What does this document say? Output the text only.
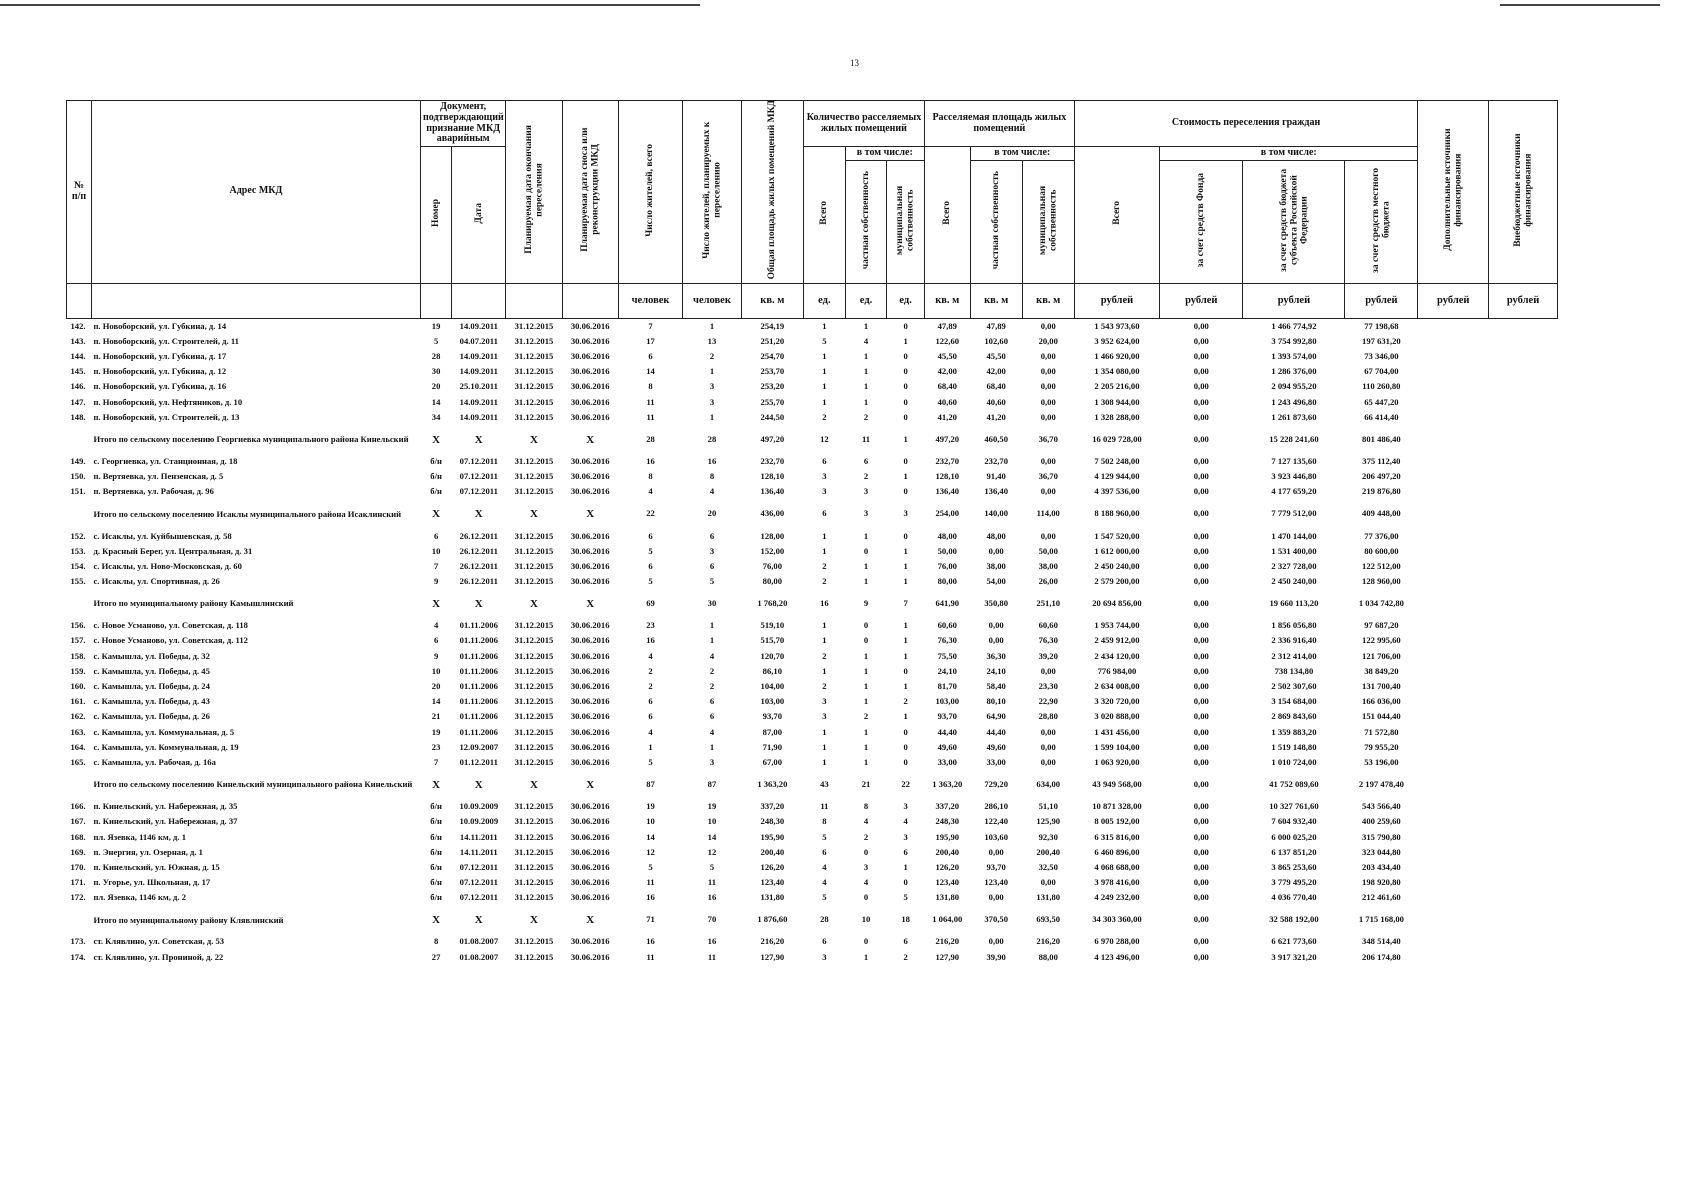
13
№ п/п	Адрес МКД	Документ, подтверждающий признание МКД аварийным		Планируемая дата окончания переселения	Планируемая дата сноса или реконструкции МКД	Число жителей, всего	Число жителей, планируемых к переселению	Общая площадь жилых помещений МКД	Количество расселяемых жилых помещений			Расселяемая площадь жилых помещений			Стоимость переселения граждан				Дополнительные источники финансирования	Внебюджетные источники финансирования
		Номер	Дата						Всего	в том числе:		Всего	в том числе:		Всего	в том числе:				
										частная собственность	муниципальная собственность		частная собственность	муниципальная собственность		за счет средств Фонда	за счет средств бюджета субъекта Российской Федерации	за счет средств местного бюджета		
						человек	человек	кв. м	ед.	ед.	ед.	кв. м	кв. м	кв. м	рублей	рублей	рублей	рублей	рублей	рублей
142.	п. Новоборский, ул. Губкина, д. 14	19	14.09.2011	31.12.2015	30.06.2016	7	1	254,19	1	1	0	47,89	47,89	0,00	1 543 973,60	0,00	1 466 774,92	77 198,68		
143.	п. Новоборский, ул. Строителей, д. 11	5	04.07.2011	31.12.2015	30.06.2016	17	13	251,20	5	4	1	122,60	102,60	20,00	3 952 624,00	0,00	3 754 992,80	197 631,20		
144.	п. Новоборский, ул. Губкина, д. 17	28	14.09.2011	31.12.2015	30.06.2016	6	2	254,70	1	1	0	45,50	45,50	0,00	1 466 920,00	0,00	1 393 574,00	73 346,00		
145.	п. Новоборский, ул. Губкина, д. 12	30	14.09.2011	31.12.2015	30.06.2016	14	1	253,70	1	1	0	42,00	42,00	0,00	1 354 080,00	0,00	1 286 376,00	67 704,00		
146.	п. Новоборский, ул. Губкина, д. 16	20	25.10.2011	31.12.2015	30.06.2016	8	3	253,20	1	1	0	68,40	68,40	0,00	2 205 216,00	0,00	2 094 955,20	110 260,80		
147.	п. Новоборский, ул. Нефтяников, д. 10	14	14.09.2011	31.12.2015	30.06.2016	11	3	255,70	1	1	0	40,60	40,60	0,00	1 308 944,00	0,00	1 243 496,80	65 447,20		
148.	п. Новоборский, ул. Строителей, д. 13	34	14.09.2011	31.12.2015	30.06.2016	11	1	244,50	2	2	0	41,20	41,20	0,00	1 328 288,00	0,00	1 261 873,60	66 414,40		
	Итого по сельскому поселению Георгиевка муниципального района Кинельский	X	X	X	X	28	28	497,20	12	11	1	497,20	460,50	36,70	16 029 728,00	0,00	15 228 241,60	801 486,40		
149.	с. Георгиевка, ул. Станционная, д. 18	б/н	07.12.2011	31.12.2015	30.06.2016	16	16	232,70	6	6	0	232,70	232,70	0,00	7 502 248,00	0,00	7 127 135,60	375 112,40		
150.	п. Вертяевка, ул. Пензенская, д. 5	б/н	07.12.2011	31.12.2015	30.06.2016	8	8	128,10	3	2	1	128,10	91,40	36,70	4 129 944,00	0,00	3 923 446,80	206 497,20		
151.	п. Вертяевка, ул. Рабочая, д. 96	б/н	07.12.2011	31.12.2015	30.06.2016	4	4	136,40	3	3	0	136,40	136,40	0,00	4 397 536,00	0,00	4 177 659,20	219 876,80		
	Итого по сельскому поселению Исаклы муниципального района Исаклинский	X	X	X	X	22	20	436,00	6	3	3	254,00	140,00	114,00	8 188 960,00	0,00	7 779 512,00	409 448,00		
152.	с. Исаклы, ул. Куйбышевская, д. 58	6	26.12.2011	31.12.2015	30.06.2016	6	6	128,00	1	1	0	48,00	48,00	0,00	1 547 520,00	0,00	1 470 144,00	77 376,00		
153.	д. Красный Берег, ул. Центральная, д. 31	10	26.12.2011	31.12.2015	30.06.2016	5	3	152,00	1	0	1	50,00	0,00	50,00	1 612 000,00	0,00	1 531 400,00	80 600,00		
154.	с. Исаклы, ул. Ново-Московская, д. 60	7	26.12.2011	31.12.2015	30.06.2016	6	6	76,00	2	1	1	76,00	38,00	38,00	2 450 240,00	0,00	2 327 728,00	122 512,00		
155.	с. Исаклы, ул. Спортивная, д. 26	9	26.12.2011	31.12.2015	30.06.2016	5	5	80,00	2	1	1	80,00	54,00	26,00	2 579 200,00	0,00	2 450 240,00	128 960,00		
	Итого по муниципальному району Камышлинский	X	X	X	X	69	30	1 768,20	16	9	7	641,90	350,80	251,10	20 694 856,00	0,00	19 660 113,20	1 034 742,80		
156.	с. Новое Усманово, ул. Советская, д. 118	4	01.11.2006	31.12.2015	30.06.2016	23	1	519,10	1	0	1	60,60	0,00	60,60	1 953 744,00	0,00	1 856 056,80	97 687,20		
157.	с. Новое Усманово, ул. Советская, д. 112	6	01.11.2006	31.12.2015	30.06.2016	16	1	515,70	1	0	1	76,30	0,00	76,30	2 459 912,00	0,00	2 336 916,40	122 995,60		
158.	с. Камышла, ул. Победы, д. 32	9	01.11.2006	31.12.2015	30.06.2016	4	4	120,70	2	1	1	75,50	36,30	39,20	2 434 120,00	0,00	2 312 414,00	121 706,00		
159.	с. Камышла, ул. Победы, д. 45	10	01.11.2006	31.12.2015	30.06.2016	2	2	86,10	1	1	0	24,10	24,10	0,00	776 984,00	0,00	738 134,80	38 849,20		
160.	с. Камышла, ул. Победы, д. 24	20	01.11.2006	31.12.2015	30.06.2016	2	2	104,00	2	1	1	81,70	58,40	23,30	2 634 008,00	0,00	2 502 307,60	131 700,40		
161.	с. Камышла, ул. Победы, д. 43	14	01.11.2006	31.12.2015	30.06.2016	6	6	103,00	3	1	2	103,00	80,10	22,90	3 320 720,00	0,00	3 154 684,00	166 036,00		
162.	с. Камышла, ул. Победы, д. 26	21	01.11.2006	31.12.2015	30.06.2016	6	6	93,70	3	2	1	93,70	64,90	28,80	3 020 888,00	0,00	2 869 843,60	151 044,40		
163.	с. Камышла, ул. Коммунальная, д. 5	19	01.11.2006	31.12.2015	30.06.2016	4	4	87,00	1	1	0	44,40	44,40	0,00	1 431 456,00	0,00	1 359 883,20	71 572,80		
164.	с. Камышла, ул. Коммунальная, д. 19	23	12.09.2007	31.12.2015	30.06.2016	1	1	71,90	1	1	0	49,60	49,60	0,00	1 599 104,00	0,00	1 519 148,80	79 955,20		
165.	с. Камышла, ул. Рабочая, д. 16а	7	01.12.2011	31.12.2015	30.06.2016	5	3	67,00	1	1	0	33,00	33,00	0,00	1 063 920,00	0,00	1 010 724,00	53 196,00		
	Итого по сельскому поселению Кинельский муниципального района Кинельский	X	X	X	X	87	87	1 363,20	43	21	22	1 363,20	729,20	634,00	43 949 568,00	0,00	41 752 089,60	2 197 478,40		
166.	п. Кинельский, ул. Набережная, д. 35	б/н	10.09.2009	31.12.2015	30.06.2016	19	19	337,20	11	8	3	337,20	286,10	51,10	10 871 328,00	0,00	10 327 761,60	543 566,40		
167.	п. Кинельский, ул. Набережная, д. 37	б/н	10.09.2009	31.12.2015	30.06.2016	10	10	248,30	8	4	4	248,30	122,40	125,90	8 005 192,00	0,00	7 604 932,40	400 259,60		
168.	пл. Язевка, 1146 км, д. 1	б/н	14.11.2011	31.12.2015	30.06.2016	14	14	195,90	5	2	3	195,90	103,60	92,30	6 315 816,00	0,00	6 000 025,20	315 790,80		
169.	п. Энергия, ул. Озерная, д. 1	б/н	14.11.2011	31.12.2015	30.06.2016	12	12	200,40	6	0	6	200,40	0,00	200,40	6 460 896,00	0,00	6 137 851,20	323 044,80		
170.	п. Кинельский, ул. Южная, д. 15	б/н	07.12.2011	31.12.2015	30.06.2016	5	5	126,20	4	3	1	126,20	93,70	32,50	4 068 688,00	0,00	3 865 253,60	203 434,40		
171.	п. Угорье, ул. Школьная, д. 17	б/н	07.12.2011	31.12.2015	30.06.2016	11	11	123,40	4	4	0	123,40	123,40	0,00	3 978 416,00	0,00	3 779 495,20	198 920,80		
172.	пл. Язевка, 1146 км, д. 2	б/н	07.12.2011	31.12.2015	30.06.2016	16	16	131,80	5	0	5	131,80	0,00	131,80	4 249 232,00	0,00	4 036 770,40	212 461,60		
	Итого по муниципальному району Клявлинский	X	X	X	X	71	70	1 876,60	28	10	18	1 064,00	370,50	693,50	34 303 360,00	0,00	32 588 192,00	1 715 168,00		
173.	ст. Клявлино, ул. Советская, д. 53	8	01.08.2007	31.12.2015	30.06.2016	16	16	216,20	6	0	6	216,20	0,00	216,20	6 970 288,00	0,00	6 621 773,60	348 514,40		
174.	ст. Клявлино, ул. Прониной, д. 22	27	01.08.2007	31.12.2015	30.06.2016	11	11	127,90	3	1	2	127,90	39,90	88,00	4 123 496,00	0,00	3 917 321,20	206 174,80		
